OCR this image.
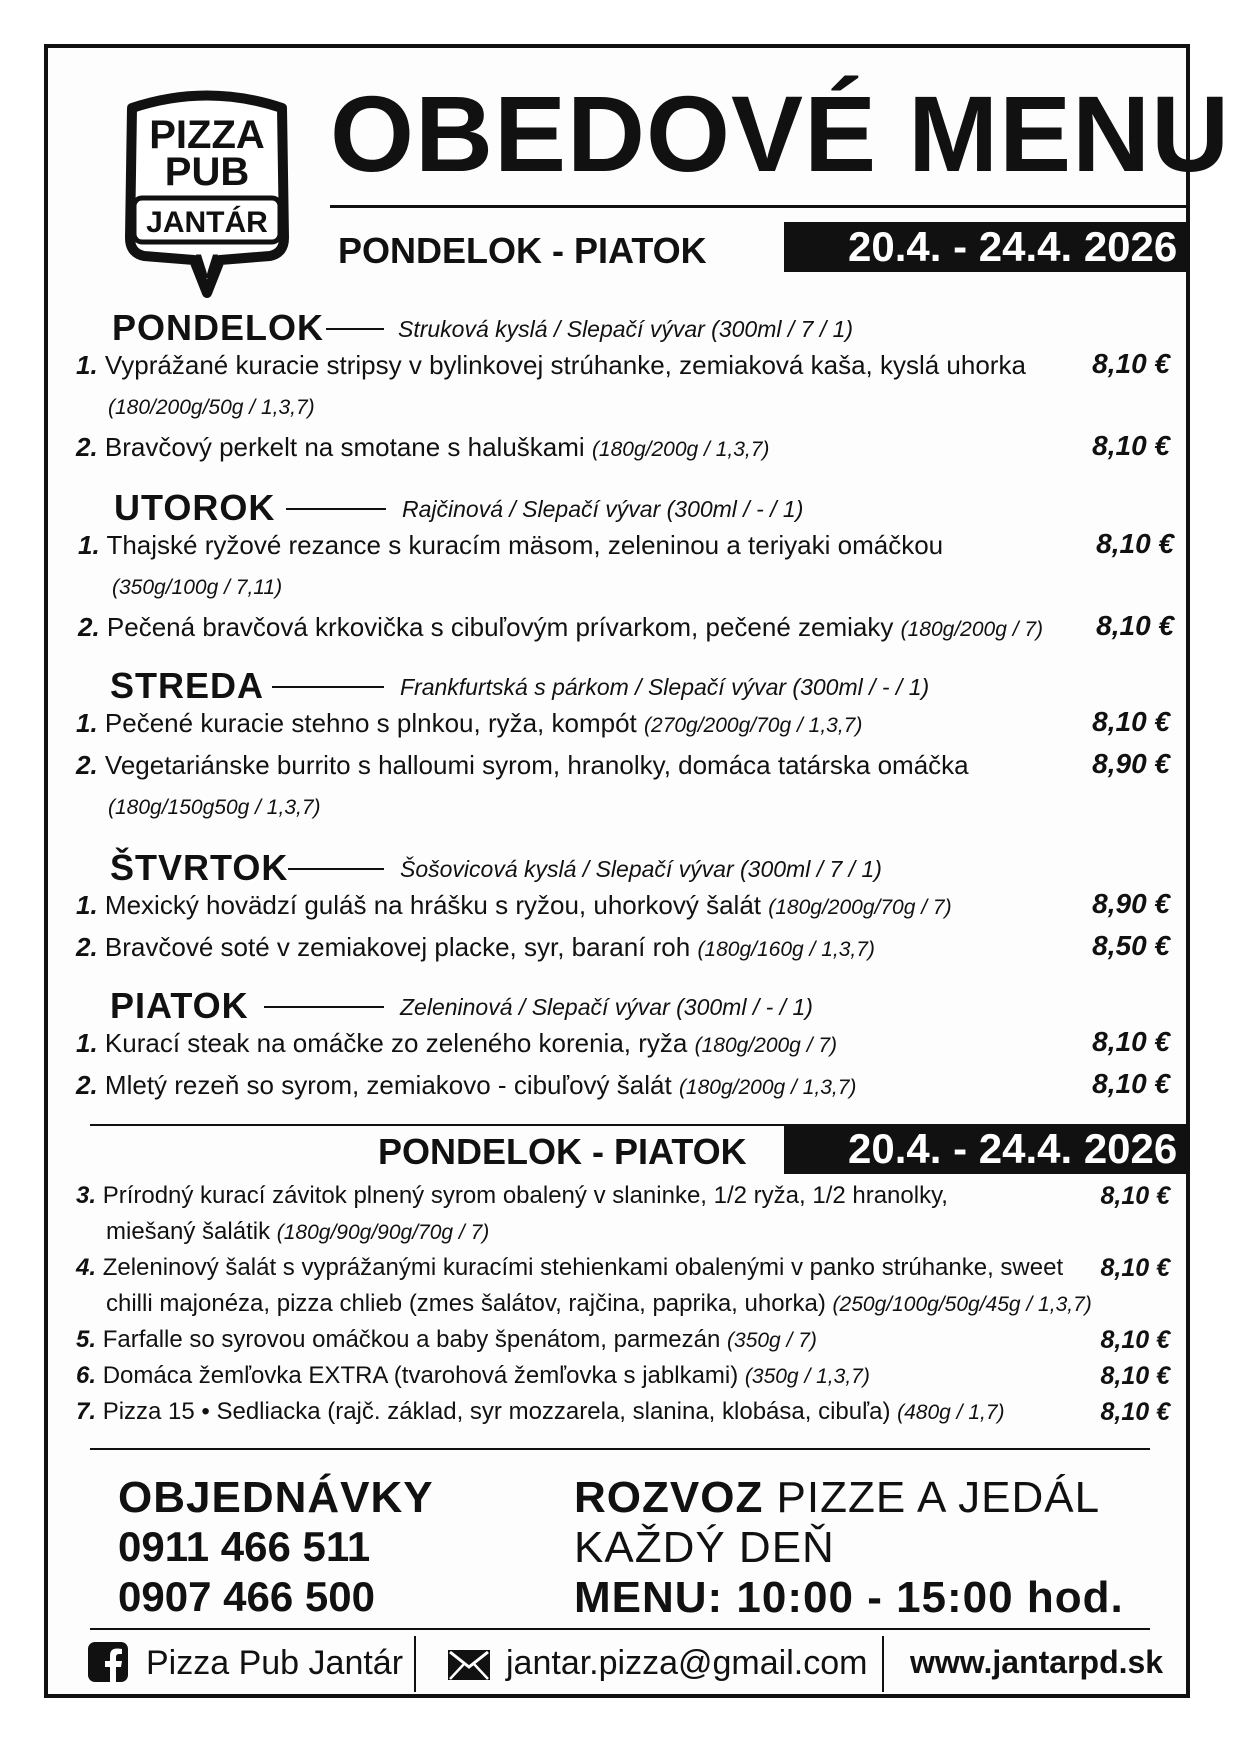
PIZZA
PUB
JANTÁR
V
OBEDOVÉ MENU
PONDELOK - PIATOK	20.4. - 24.4. 2026
PONDELOK	Struková kyslá / Slepačí vývar (300ml / 7 / 1)
1. Vyprážané kuracie stripsy v bylinkovej strúhanke, zemiaková kaša, kyslá uhorka
(180/200g/50g / 1,3,7)
8,10 €
2. Bravčový perkelt na smotane s haluškami (180g/200g / 1,3,7)	8,10 €
UTOROK	Rajčinová / Slepačí vývar (300ml / - / 1)
1. Thajské ryžové rezance s kuracím mäsom, zeleninou a teriyaki omáčkou
(350g/100g / 7,11)
8,10 €
2. Pečená bravčová krkovička s cibuľovým prívarkom, pečené zemiaky (180g/200g / 7)	8,10 €
STREDA	Frankfurtská s párkom / Slepačí vývar (300ml / - / 1)
1. Pečené kuracie stehno s plnkou, ryža, kompót (270g/200g/70g / 1,3,7)	8,10 €
2. Vegetariánske burrito s halloumi syrom, hranolky, domáca tatárska omáčka
(180g/150g50g / 1,3,7)
8,90 €
ŠTVRTOK	Šošovicová kyslá / Slepačí vývar (300ml / 7 / 1)
1. Mexický hovädzí guláš na hrášku s ryžou, uhorkový šalát (180g/200g/70g / 7)	8,90 €
2. Bravčové soté v zemiakovej placke, syr, baraní roh (180g/160g / 1,3,7)	8,50 €
PIATOK	Zeleninová / Slepačí vývar (300ml / - / 1)
1. Kurací steak na omáčke zo zeleného korenia, ryža (180g/200g / 7)	8,10 €
2. Mletý rezeň so syrom, zemiakovo - cibuľový šalát (180g/200g / 1,3,7)	8,10 €
PONDELOK - PIATOK	20.4. - 24.4. 2026
3. Prírodný kurací závitok plnený syrom obalený v slaninke, 1/2 ryža, 1/2 hranolky,
miešaný šalátik (180g/90g/90g/70g / 7)
8,10 €
4. Zeleninový šalát s vyprážanými kuracími stehienkami obalenými v panko strúhanke, sweet
chilli majonéza, pizza chlieb (zmes šalátov, rajčina, paprika, uhorka) (250g/100g/50g/45g / 1,3,7)
8,10 €
5. Farfalle so syrovou omáčkou a baby špenátom, parmezán (350g / 7)	8,10 €
6. Domáca žemľovka EXTRA (tvarohová žemľovka s jablkami) (350g / 1,3,7)	8,10 €
7. Pizza 15 • Sedliacka (rajč. základ, syr mozzarela, slanina, klobása, cibuľa) (480g / 1,7)	8,10 €
OBJEDNÁVKY
0911 466 511
0907 466 500
ROZVOZ PIZZE A JEDÁL
KAŽDÝ DEŇ
MENU: 10:00 - 15:00 hod.
Pizza Pub Jantár	jantar.pizza@gmail.com www.jantarpd.sk
